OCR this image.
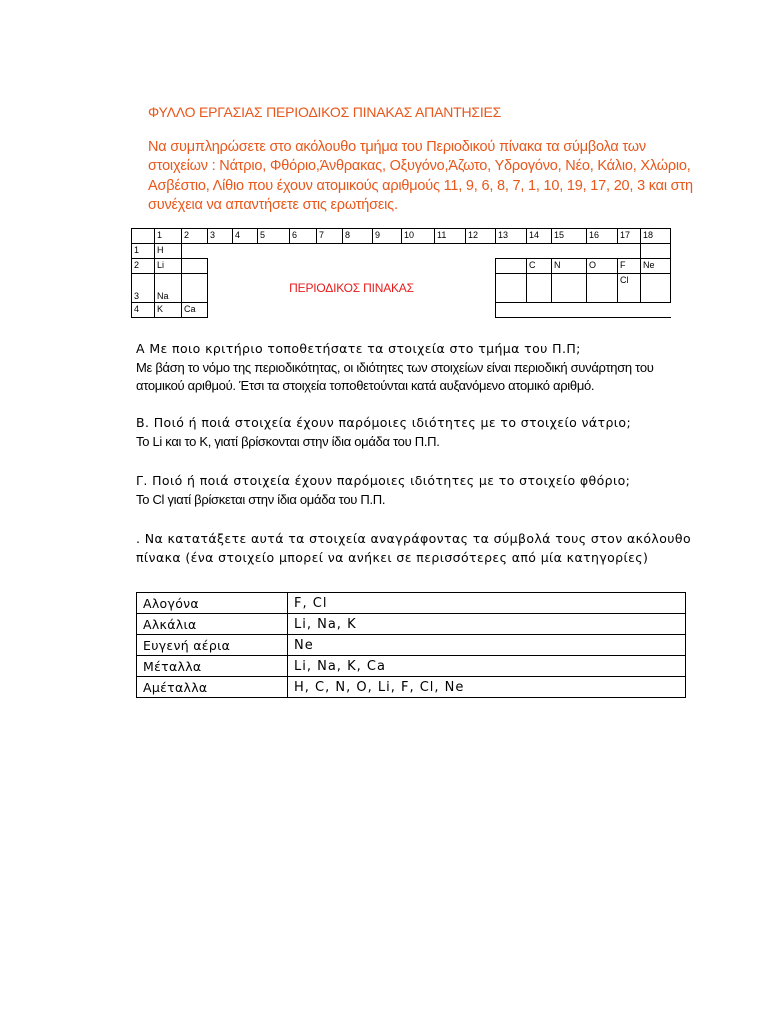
ΦΥΛΛΟ ΕΡΓΑΣΙΑΣ ΠΕΡΙΟΔΙΚΟΣ ΠΙΝΑΚΑΣ ΑΠΑΝΤΗΣΙΕΣ

Να συμπληρώσετε στο ακόλουθο τμήμα του Περιοδικού πίνακα τα σύμβολα των στοιχείων : Νάτριο, Φθόριο,Άνθρακας, Οξυγόνο,Άζωτο, Υδρογόνο, Νέο, Κάλιο, Χλώριο, Ασβέστιο, Λίθιο που έχουν ατομικούς αριθμούς 11, 9, 6, 8, 7, 1, 10, 19, 17, 20, 3 και στη συνέχεια να απαντήσετε στις ερωτήσεις.

	1	2	3	4	5	6	7	8	9	10	11	12	13	14	15	16	17	18
1	H																	
2	Li		ΠΕΡΙΟΔΙΚΟΣ ΠΙΝΑΚΑΣ											C	N	O	F	Ne
3	Na																Cl	
4	K	Ca																

Α Με ποιο κριτήριο τοποθετήσατε τα στοιχεία στο τμήμα του Π.Π;
Με βάση το νόμο της περιοδικότητας, οι ιδιότητες των στοιχείων είναι περιοδική συνάρτηση του ατομικού αριθμού. Έτσι τα στοιχεία τοποθετούνται κατά αυξανόμενο ατομικό αριθμό.

Β. Ποιό ή ποιά στοιχεία έχουν παρόμοιες ιδιότητες με το στοιχείο νάτριο;
Το Li και το K, γιατί βρίσκονται στην ίδια ομάδα του Π.Π.

Γ. Ποιό ή ποιά στοιχεία έχουν παρόμοιες ιδιότητες με το στοιχείο φθόριο;
Το Cl γιατί βρίσκεται στην ίδια ομάδα του Π.Π.

. Να κατατάξετε αυτά τα στοιχεία αναγράφοντας τα σύμβολά τους στον ακόλουθο πίνακα (ένα στοιχείο μπορεί να ανήκει σε περισσότερες από μία κατηγορίες)

Αλογόνα	F, Cl
Αλκάλια	Li, Na, K
Ευγενή αέρια	Ne
Μέταλλα	Li, Na, K, Ca
Αμέταλλα	H, C, N, O, Li, F, Cl, Ne
